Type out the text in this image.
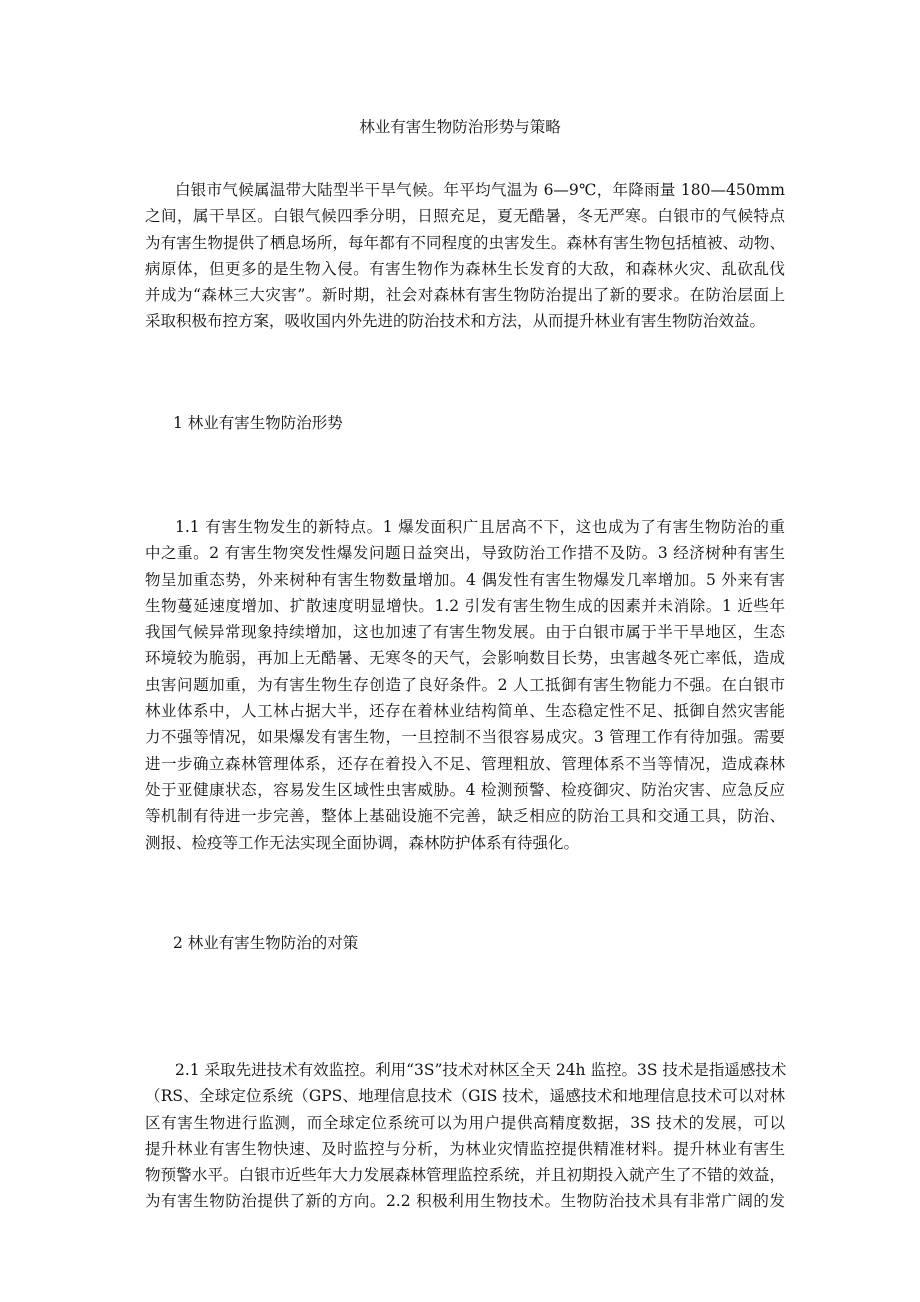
林业有害生物防治形势与策略
白银市气候属温带大陆型半干旱气候。年平均气温为 6—9℃，年降雨量 180—450mm
之间，属干旱区。白银气候四季分明，日照充足，夏无酷暑，冬无严寒。白银市的气候特点
为有害生物提供了栖息场所，每年都有不同程度的虫害发生。森林有害生物包括植被、动物、
病原体，但更多的是生物入侵。有害生物作为森林生长发育的大敌，和森林火灾、乱砍乱伐
并成为“森林三大灾害”。新时期，社会对森林有害生物防治提出了新的要求。在防治层面上
采取积极布控方案，吸收国内外先进的防治技术和方法，从而提升林业有害生物防治效益。
1 林业有害生物防治形势
1.1 有害生物发生的新特点。1 爆发面积广且居高不下，这也成为了有害生物防治的重
中之重。2 有害生物突发性爆发问题日益突出，导致防治工作措不及防。3 经济树种有害生
物呈加重态势，外来树种有害生物数量增加。4 偶发性有害生物爆发几率增加。5 外来有害
生物蔓延速度增加、扩散速度明显增快。1.2 引发有害生物生成的因素并未消除。1 近些年
我国气候异常现象持续增加，这也加速了有害生物发展。由于白银市属于半干旱地区，生态
环境较为脆弱，再加上无酷暑、无寒冬的天气，会影响数目长势，虫害越冬死亡率低，造成
虫害问题加重，为有害生物生存创造了良好条件。2 人工抵御有害生物能力不强。在白银市
林业体系中，人工林占据大半，还存在着林业结构简单、生态稳定性不足、抵御自然灾害能
力不强等情况，如果爆发有害生物，一旦控制不当很容易成灾。3 管理工作有待加强。需要
进一步确立森林管理体系，还存在着投入不足、管理粗放、管理体系不当等情况，造成森林
处于亚健康状态，容易发生区域性虫害威胁。4 检测预警、检疫御灾、防治灾害、应急反应
等机制有待进一步完善，整体上基础设施不完善，缺乏相应的防治工具和交通工具，防治、
测报、检疫等工作无法实现全面协调，森林防护体系有待强化。
2 林业有害生物防治的对策
2.1 采取先进技术有效监控。利用“3S”技术对林区全天 24h 监控。3S 技术是指遥感技术
（RS、全球定位系统（GPS、地理信息技术（GIS 技术，遥感技术和地理信息技术可以对林
区有害生物进行监测，而全球定位系统可以为用户提供高精度数据，3S 技术的发展，可以
提升林业有害生物快速、及时监控与分析，为林业灾情监控提供精准材料。提升林业有害生
物预警水平。白银市近些年大力发展森林管理监控系统，并且初期投入就产生了不错的效益，
为有害生物防治提供了新的方向。2.2 积极利用生物技术。生物防治技术具有非常广阔的发
